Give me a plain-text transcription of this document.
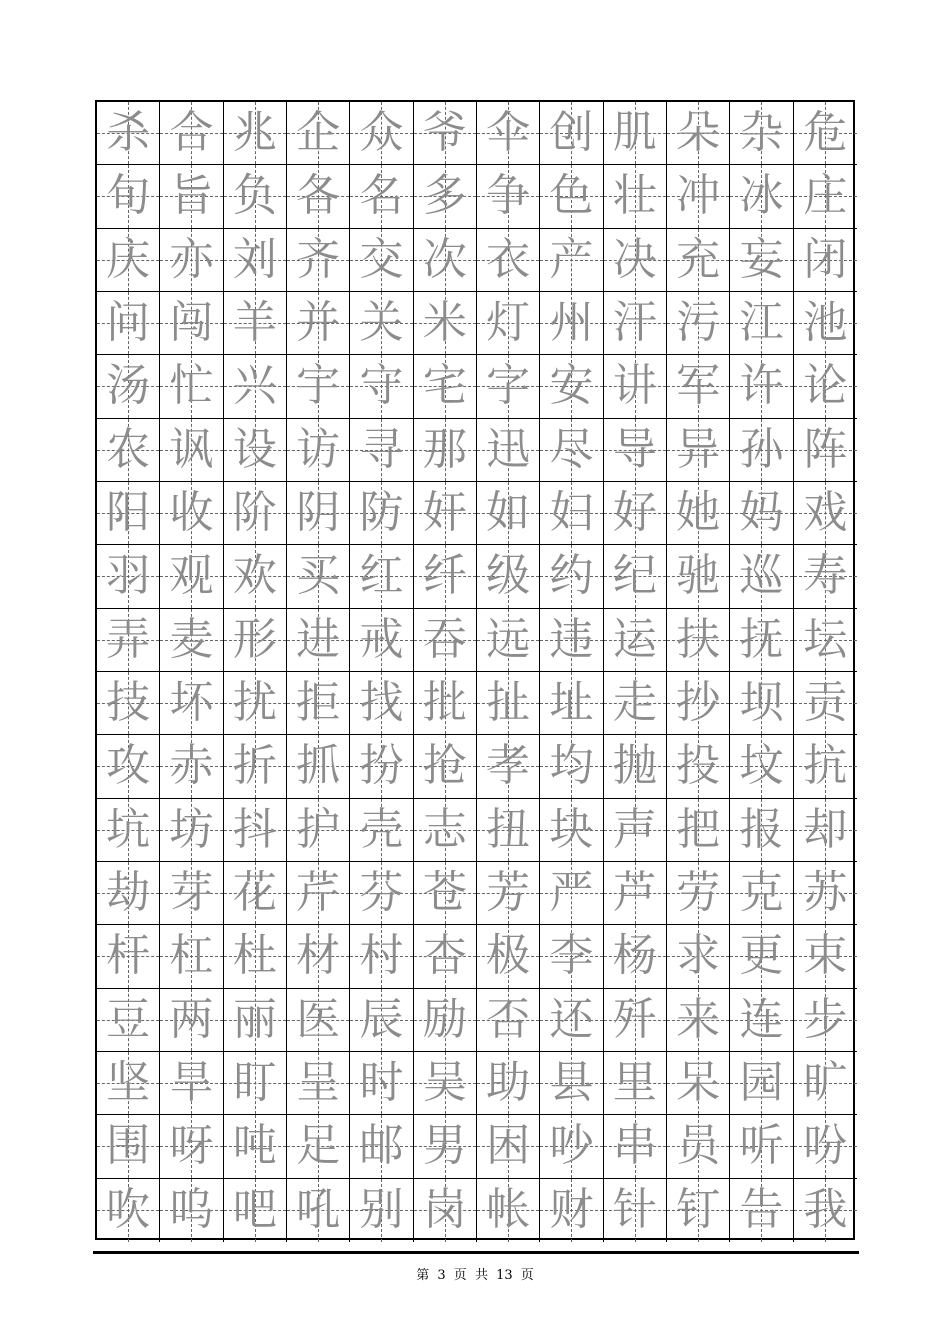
杀 合 兆 企 众 爷 伞 创 肌 朵 杂 危
旬 旨 负 各 名 多 争 色 壮 冲 冰 庄
庆 亦 刘 齐 交 次 衣 产 决 充 妄 闭
问 闯 羊 并 关 米 灯 州 汗 污 江 池
汤 忙 兴 宇 守 宅 字 安 讲 军 许 论
农 讽 设 访 寻 那 迅 尽 导 异 孙 阵
阳 收 阶 阴 防 奸 如 妇 好 她 妈 戏
羽 观 欢 买 红 纤 级 约 纪 驰 巡 寿
弄 麦 形 进 戒 吞 远 违 运 扶 抚 坛
技 坏 扰 拒 找 批 扯 址 走 抄 坝 贡
攻 赤 折 抓 扮 抢 孝 均 抛 投 坟 抗
坑 坊 抖 护 壳 志 扭 块 声 把 报 却
劫 芽 花 芹 芬 苍 芳 严 芦 劳 克 苏
杆 杠 杜 材 村 杏 极 李 杨 求 更 束
豆 两 丽 医 辰 励 否 还 歼 来 连 步
坚 旱 盯 呈 时 吴 助 县 里 呆 园 旷
围 呀 吨 足 邮 男 困 吵 串 员 听 吩
吹 呜 吧 吼 别 岗 帐 财 针 钉 告 我
第 3 页 共 13 页
